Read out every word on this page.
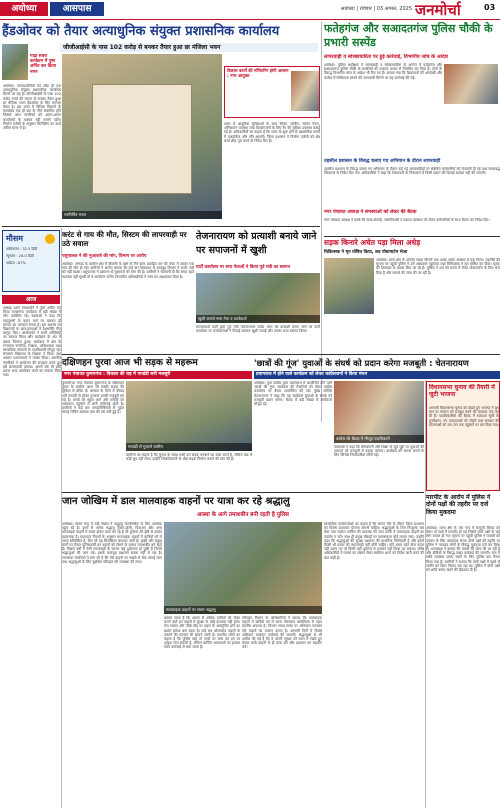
अयोध्या	आसपास	अयोध्या | रविवार | 03 अगस्त, 2025 जनमोर्चा	03
हैंडओवर को तैयार अत्याधुनिक संयुक्त प्रशासनिक कार्यालय
जीजीआईसी के पास 102 करोड़ से बनकर तैयार हुआ छः मंजिला भवन
गाढ़ा सवेरा कार्यक्रम में पुष्प अर्पित कर किया नमन
अयोध्या। जनपदवासियों को शीघ्र ही एक अत्याधुनिक संयुक्त प्रशासनिक कार्यालय मिलने जा रहा है। जीजीआईसी के पास 102 करोड़ रुपये की लागत से बनकर तैयार हुआ छः मंजिला भवन हैंडओवर के लिए लगभग तैयार है। इस भवन में विभिन्न विभागों के कार्यालय एक ही छत के नीचे संचालित होंगे जिससे आम नागरिकों को अलग-अलग कार्यालयों के चक्कर नहीं लगाने पड़ेंगे। निर्माण एजेंसी के अनुसार फिनिशिंग का कार्य अंतिम चरण में है।
नवनिर्मित भवन
विकास कार्यों की मॉनिटरिंग होगी आसान : नगर आयुक्त
भवन में आधुनिक सुविधाओं के साथ लिफ्ट, पार्किंग, सोलर पैनल, अग्निशमन व्यवस्था तथा दिव्यांगजनों के लिए रैंप की सुविधा उपलब्ध कराई गई है। अधिकारियों का कहना है कि भवन के शुरू होने से प्रशासनिक कार्यों में पारदर्शिता और गति आएगी। जिला प्रशासन ने निर्माण एजेंसी को शेष कार्य शीघ्र पूरा करने के निर्देश दिए हैं।
फतेहगंज और सआदतगंज पुलिस चौकी के प्रभारी सस्पेंड
लापरवाही व स्वेच्छाचारिता पर हुई कार्रवाई, विभागीय जांच के आदेश
अयोध्या। पुलिस अधीक्षक ने लापरवाही व स्वेच्छाचारिता के आरोप में फतेहगंज और सआदतगंज पुलिस चौकी के प्रभारियों को तत्काल प्रभाव से निलंबित कर दिया है। दोनों के विरुद्ध विभागीय जांच के आदेश भी दिए गए हैं। बताया गया कि शिकायतों की अनदेखी और कर्तव्य में शिथिलता बरतने की जानकारी मिलने पर यह कार्रवाई की गई।
तहसील प्रशासन के विरुद्ध चलाए गए अभियान के दौरान लापरवाही
तहसील प्रशासन के विरुद्ध चलाए गए अभियान के दौरान पाई गई लापरवाहियों पर संबंधित कर्मचारियों को चेतावनी दी गई तथा समयबद्ध निस्तारण के निर्देश दिए गए। अधिकारियों ने कहा कि शिकायतों के निस्तारण में किसी प्रकार की ढिलाई बर्दाश्त नहीं की जाएगी।
नगर पंचायत अध्यक्ष ने समस्याओं को लेकर की बैठक
नगर पंचायत अध्यक्ष ने कस्बे की साफ-सफाई, जलनिकासी व प्रकाश व्यवस्था को लेकर कर्मचारियों के साथ बैठक कर निर्देश दिए।
मौसम
अधिकतम : 32.5 डिग्री
न्यूनतम : 26.0 डिग्री
आर्द्रता : 87%
आज
आषाढ़ दर्शन तमाशवनि ने पुष्प अर्पित कर किया मल्यार्पण। कार्यक्रम में बड़ी संख्या में लोग उपस्थित रहे। वक्ताओं ने कहा कि महापुरुषों के बताए मार्ग पर चलकर ही समाज का कल्याण संभव है। इस अवसर पर विद्यालयों के छात्र-छात्राओं ने देशभक्ति गीत प्रस्तुत किए। आयोजकों ने सभी अतिथियों का स्वागत किया और कार्यक्रम के अंत में प्रसाद वितरण हुआ। कार्यक्रम में क्षेत्र के गणमान्य नागरिक, शिक्षक, अभिभावक तथा सामाजिक संगठनों के पदाधिकारी मौजूद रहे। संचालन विद्यालय के शिक्षक ने किया तथा आभार प्रधानाचार्य ने व्यक्त किया। स्थानीय नागरिकों ने आयोजन की सराहना करते हुए इसे प्रेरणादायी बताया। अगले वर्ष भी इसी प्रकार भव्य आयोजन करने का संकल्प लिया गया।
करंट से गाय की मौत, सिस्टम की लापरवाही पर उठे सवाल
पशुपालक ने की मुआवजे की मांग, विभाग पर आरोप
अयोध्या। जनपद के ग्रामीण क्षेत्र में बिजली के खंभे से गिरे करंट प्रवाहित तार की चपेट में आकर एक गाय की मौत हो गई। ग्रामीणों ने आरोप लगाया कि कई बार शिकायत के बावजूद विभाग ने जर्जर तारों को नहीं बदला। पशुपालक ने प्रशासन से मुआवजे की मांग की है। ग्रामीणों ने चेतावनी दी कि समय रहते व्यवस्था नहीं सुधरी तो वे आंदोलन करेंगे। विभागीय अधिकारियों ने जांच का आश्वासन दिया है।
तेजनारायण को प्रत्याशी बनाये जाने पर सपाजनों में खुशी
पार्टी कार्यालय पर सपा नेताओं ने किया पूर्व मंत्री का स्वागत
खुशी जताते सपा नेता व कार्यकर्ता
समाजवादी पार्टी द्वारा पूर्व मंत्री तेजनारायण पांडेय पवन को प्रत्याशी बनाए जाने पर पार्टी कार्यालय पर कार्यकर्ताओं ने मिठाई बांटकर खुशी जताई और उनका भव्य स्वागत किया।
सड़क किनारे अचेत पड़ा मिला अधेड़
चिकित्सक ने मृत घोषित किया, शव पोस्टमार्टम भेजा
अयोध्या। थाना क्षेत्र के अंतर्गत सड़क किनारे एक अधेड़ अचेत अवस्था में पड़ा मिला। राहगीरों की सूचना पर पहुंची पुलिस ने उसे अस्पताल पहुंचाया जहां चिकित्सक ने मृत घोषित कर दिया। मृतक की शिनाख्त के प्रयास किए जा रहे हैं। पुलिस ने शव को कब्जे में लेकर पोस्टमार्टम के लिए भेज दिया है और मामले की जांच की जा रही है।
दक्षिणहन पुरवा आज भी सड़क से महरूम
नगर पंचायत कुमारगंज : विकास की राह में पगडंडी बनी मजबूरी
कुमारगंज। नगर पंचायत कुमारगंज के दक्षिणहन पुरवा के ग्रामीण आज भी पक्की सड़क की सुविधा से वंचित हैं। बरसात के दिनों में कीचड़ भरी पगडंडी से होकर गुजरना उनकी मजबूरी बन गई है। बच्चों को स्कूल जाने और मरीजों को अस्पताल पहुंचाने में भारी कठिनाई होती है। ग्रामीणों ने कई बार जनप्रतिनिधियों से गुहार लगाई लेकिन समस्या जस की तस बनी हुई है।
पगडंडी से गुजरते ग्रामीण
ग्रामीणों का कहना है कि चुनाव के समय सभी दल सड़क बनवाने का वादा करते हैं, लेकिन बाद में कोई सुध नहीं लेता। उन्होंने जिलाधिकारी से शीघ्र सड़क निर्माण कराने की मांग की है।
'छात्रों की गूंज' युवाओं के संघर्ष को प्रदान करेगा मजबूती : चेतनारायण
प्रयागराज में होने वाले कार्यक्रम को लेकर कांग्रेसजनों ने किया मंथन
अयोध्या। युवा कांग्रेस द्वारा प्रयागराज में आयोजित होने वाले 'छात्रों की गूंज' कार्यक्रम की तैयारियों को लेकर कांग्रेस कार्यालय पर बैठक आयोजित की गई। मुख्य अतिथि चेतनारायण ने कहा कि यह कार्यक्रम युवाओं के संघर्ष को मजबूती प्रदान करेगा। बैठक में बड़ी संख्या में कार्यकर्ता मौजूद रहे।
कांग्रेस की बैठक में मौजूद पदाधिकारी
वक्ताओं ने कहा कि बेरोजगारी और शिक्षा से जुड़े मुद्दों पर युवाओं की आवाज को मजबूती से उठाया जाएगा। कार्यक्रम को सफल बनाने के लिए विभिन्न जिम्मेदारियां सौंपी गईं।
विधानसभा चुनाव की तैयारी में जुटी भाजपा
आगामी विधानसभा चुनाव को देखते हुए भाजपा ने बूथ स्तर पर संगठन को मजबूत करने की कवायद तेज कर दी है। पदाधिकारियों की बैठक में मतदाता सूची के पुनरीक्षण, नए मतदाताओं को जोड़ने तथा सरकार की योजनाओं को जन-जन तक पहुंचाने पर बल दिया गया।
मारपीट के आरोप में पुलिस ने दोनों पक्षों की तहरीर पर दर्ज किया मुकदमा
अयोध्या। थाना क्षेत्र के एक गांव में मामूली विवाद को लेकर दो पक्षों में मारपीट हो गई जिसमें दोनों पक्षों के कई लोग घायल हो गए। सूचना पर पहुंची पुलिस ने घायलों को उपचार के लिए अस्पताल भेजा। दोनों पक्षों की तहरीर पर पुलिस ने नामजद लोगों के विरुद्ध मुकदमा दर्ज कर लिया है। थानाध्यक्ष ने बताया कि मामले की जांच की जा रही है और दोषियों के विरुद्ध सख्त कार्रवाई की जाएगी। गांव में शांति व्यवस्था बनाए रखने के लिए पुलिस बल तैनात किया गया है। ग्रामीणों ने बताया कि दोनों पक्षों में पहले से जमीन को लेकर विवाद चल रहा था। पुलिस ने दोनों पक्षों को शांति बनाए रखने की हिदायत दी है।
जान जोखिम में डाल मालवाहक वाहनों पर यात्रा कर रहे श्रद्धालु
आस्था के आगे तमाशबीन बनी रहती है पुलिस
अयोध्या। सावन माह में बड़ी संख्या में श्रद्धालु जलाभिषेक के लिए अयोध्या पहुंच रहे हैं। इनमें से अनेक श्रद्धालु ट्रैक्टर-ट्रॉली, पिकअप और अन्य मालवाहक वाहनों में सवार होकर यात्रा कर रहे हैं जो दुर्घटना की दृष्टि से अत्यंत खतरनाक है। यातायात नियमों के अनुसार मालवाहक वाहनों में यात्रियों को ले जाना प्रतिबंधित है, फिर भी यह सिलसिला लगातार जारी है। हाईवे और प्रमुख मार्गों पर तैनात पुलिसकर्मी इन वाहनों को रोकने के बजाय तमाशबीन बने रहते हैं। पिछले वर्षों में ऐसी लापरवाही के कारण कई दुर्घटनाएं हो चुकी हैं जिनमें श्रद्धालुओं की जान गई। इसके बावजूद प्रशासन सबक नहीं ले रहा है। जागरूक नागरिकों ने मांग की है कि ऐसे वाहनों पर सख्ती से रोक लगाई जाए तथा श्रद्धालुओं के लिए सुरक्षित परिवहन की व्यवस्था की जाए।
मालवाहक वाहनों पर सवार श्रद्धालु
बताया जाता है कि क्षमता से अधिक यात्रियों को लेकर चलने वाले इन वाहनों में सुरक्षा के कोई इंतजाम नहीं होते। तेज रफ्तार और तीखे मोड़ पर वाहन के असंतुलित होने का खतरा हमेशा बना रहता है। कई बार ओवरलोड वाहनों के पलटने की घटनाएं भी सामने आती हैं। स्थानीय लोगों का कहना है कि पुलिस चाहे तो नाकों पर जांच कर इन पर अंकुश लगा सकती है, लेकिन धार्मिक भावनाओं का हवाला देकर कार्रवाई से बचा जाता है।
परिवहन विभाग के अधिकारियों ने बताया कि मालवाहक वाहनों में यात्रियों को ले जाना मोटरयान अधिनियम के तहत दंडनीय अपराध है। विभाग समय-समय पर अभियान चलाकर ऐसे वाहनों का चालान करता है। आगामी दिनों में विशेष अभियान चलाकर कार्रवाई की जाएगी। श्रद्धालुओं से भी अपील की गई है कि वे अपनी सुरक्षा को ध्यान में रखते हुए केवल यात्री वाहनों से ही यात्रा करें और प्रशासन का सहयोग करें।
सामाजिक कार्यकर्ताओं का कहना है कि सावन मेले के दौरान जिला प्रशासन को विशेष यातायात योजना बनानी चाहिए। श्रद्धालुओं के लिए निःशुल्क बस सेवा तथा पर्याप्त पार्किंग की व्यवस्था की जाए ताकि वे मालवाहक वाहनों का उपयोग न करें। साथ ही प्रमुख चौराहों पर जागरूकता बोर्ड लगाए जाएं। उन्होंने कहा कि श्रद्धालुओं की सुरक्षा प्रशासन की प्राथमिक जिम्मेदारी है और इसमें किसी भी प्रकार की लापरवाही नहीं होनी चाहिए। यदि समय रहते ठोस कदम नहीं उठाए गए तो किसी बड़ी दुर्घटना से इनकार नहीं किया जा सकता। वरिष्ठ अधिकारियों ने मामले का संज्ञान लेकर संबंधित थानों को निर्देश जारी करने की बात कही है।
